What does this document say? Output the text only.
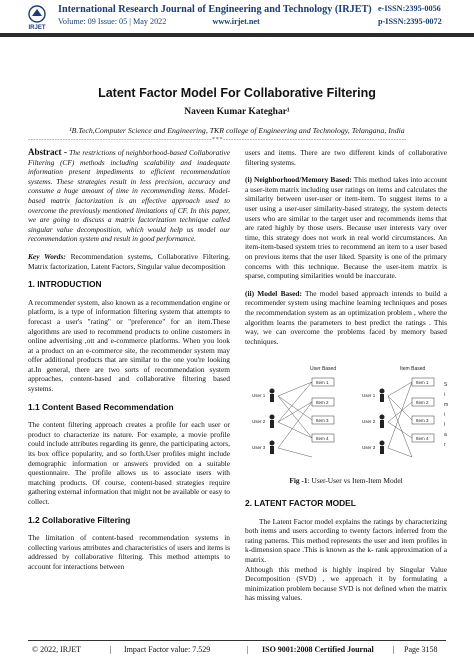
IRJET
International Research Journal of Engineering and Technology (IRJET)
Volume: 09 Issue: 05 | May 2022	www.irjet.net
e-ISSN:2395-0056
p-ISSN:2395-0072
Latent Factor Model For Collaborative Filtering
Naveen Kumar Kateghar¹
¹B.Tech,Computer Science and Engineering, TKR college of Engineering and Technology, Telangana, India
---------------------------------------------------------------------***---------------------------------------------------------------------

Abstract - The restrictions of neighborhood-based Collaborative Filtering (CF) methods including scalability and inadequate information present impediments to efficient recommendation systems. These strategies result in less precision, accuracy and consume a huge amount of time in recommending items. Model-based matrix factorization is an effective approach used to overcome the previously mentioned limitations of CF. In this paper, we are going to discuss a matrix factorization technique called singular value decomposition, which would help us model our recommendation system and result in good performance.

Key Words: Recommendation systems, Collaborative Filtering, Matrix factorization, Latent Factors, Singular value decomposition

1. INTRODUCTION

A recommender system, also known as a recommendation engine or platform, is a type of information filtering system that attempts to forecast a user's "rating" or "preference" for an item.These algorithms are used to recommend products to online customers in online advertising ,ott and e-commerce platforms. When you look at a product on an e-commerce site, the recommender system may offer additional products that are similar to the one you're looking at.In general, there are two sorts of recommendation system approaches, content-based and collaborative filtering based systems.

1.1 Content Based Recommendation

The content filtering approach creates a profile for each user or product to characterize its nature. For example, a movie profile could include attributes regarding its genre, the participating actors, its box office popularity, and so forth.User profiles might include demographic information or answers provided on a suitable questionnaire. The profile allows us to associate users with matching products. Of course, content-based strategies require gathering external information that might not be available or easy to collect.

1.2 Collaborative Filtering

The limitation of content-based recommendation systems in collecting various attributes and characteristics of users and items is addressed by collaborative filtering. This method attempts to account for interactions between

users and items. There are two different kinds of collaborative filtering systems.

(i) Neighborhood/Memory Based: This method takes into account a user-item matrix including user ratings on items and calculates the similarity between user-user or item-item. To suggest items to a user using a user-user similarity-based strategy, the system detects users who are similar to the target user and recommends items that are rated highly by those users. Because user interests vary over time, this strategy does not work in real world circumstances. An item-item-based system tries to recommend an item to a user based on previous items that the user liked. Sparsity is one of the primary concerns with this technique. Because the user-item matrix is sparse, computing similarities would be inaccurate.

(ii) Model Based: The model based approach intends to build a recommender system using machine learning techniques and poses the recommendation system as an optimization problem , where the algorithm learns the parameters to best predict the ratings . This way, we can overcome the problems faced by memory based techniques.

User 1	User 1
User 2	User 2
User 3	User 3
Item 1	Item 1
Item 2	Item 2
Item 3	Item 3
Item 4	Item 4
S
i
m
i
l
a
r
User Based	Item Based
Fig -1: User-User vs Item-Item Model
2. LATENT FACTOR MODEL

The Latent Factor model explains the ratings by characterizing both items and users according to twenty factors inferred from the rating patterns. This method represents the user and item profiles in k-dimension space .This is known as the k- rank approximation of a matrix.

Although this method is highly inspired by Singular Value Decomposition (SVD) , we approach it by formulating a minimization problem because SVD is not defined when the matrix has missing values.

© 2022, IRJET	| Impact Factor value: 7.529	| ISO 9001:2008 Certified Journal | Page 3158
